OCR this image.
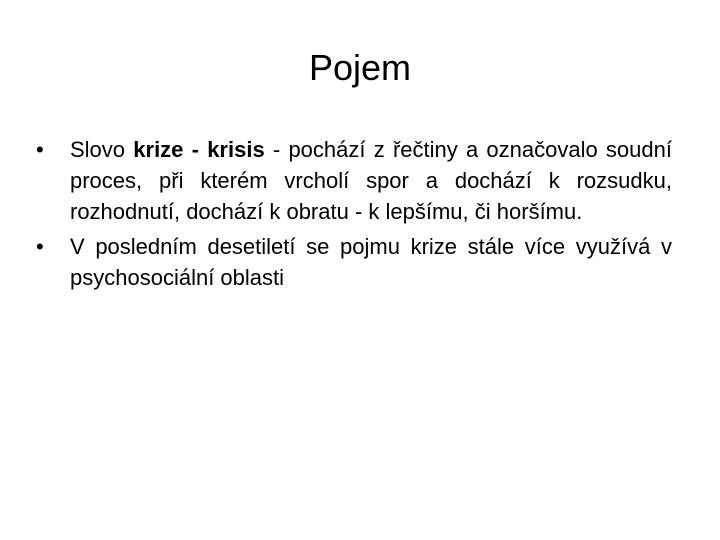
Pojem
•	Slovo krize - krisis - pochází z řečtiny a označovalo soudní proces, při kterém vrcholí spor a dochází k rozsudku, rozhodnutí, dochází k obratu - k lepšímu, či horšímu.
•	V posledním desetiletí se pojmu krize stále více využívá v psychosociální oblasti
